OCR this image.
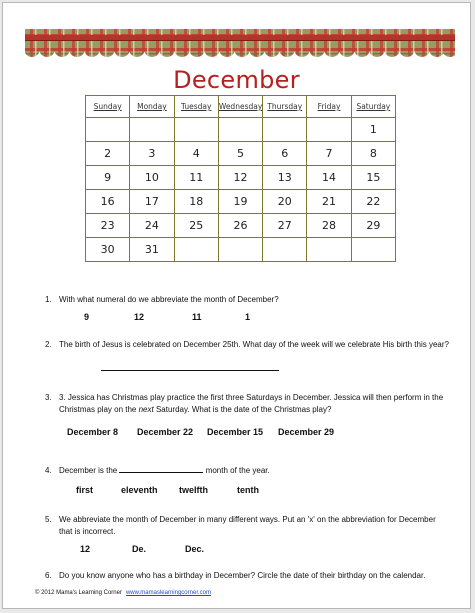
December
Sunday	Monday	Tuesday	Wednesday	Thursday	Friday	Saturday
						1
2	3	4	5	6	7	8
9	10	11	12	13	14	15
16	17	18	19	20	21	22
23	24	25	26	27	28	29
30	31					
1. With what numeral do we abbreviate the month of December?
9	12	11	1
2. The birth of Jesus is celebrated on December 25th. What day of the week will we celebrate His birth this year?
3. 3. Jessica has Christmas play practice the first three Saturdays in December. Jessica will then perform in the
Christmas play on the next Saturday. What is the date of the Christmas play?
December 8 December 22 December 15 December 29
4. December is the	month of the year.
first	eleventh twelfth	tenth
5. We abbreviate the month of December in many different ways. Put an 'x' on the abbreviation for December
that is incorrect.
12	De.	Dec.
6. Do you know anyone who has a birthday in December? Circle the date of their birthday on the calendar.
© 2012 Mama's Learning Corner www.mamaslearningcorner.com
